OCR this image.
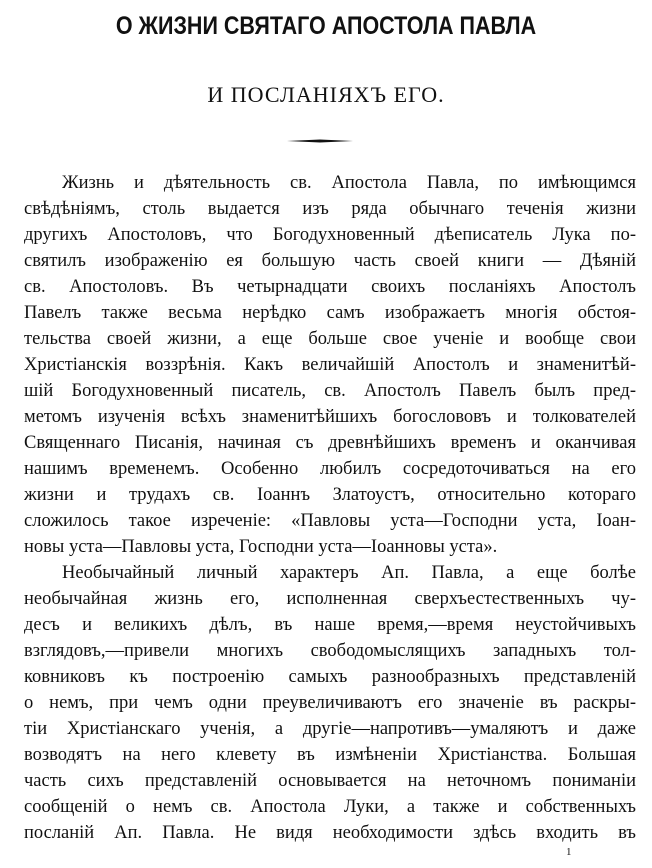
О ЖИЗНИ СВЯТАГО АПОСТОЛА ПАВЛА
И ПОСЛАНІЯХЪ ЕГО.
Жизнь и дѣятельность св. Апостола Павла, по имѣющимся
свѣдѣніямъ, столь выдается изъ ряда обычнаго теченія жизни
другихъ Апостоловъ, что Богодухновенный дѣеписатель Лука по-
святилъ изображенію ея большую часть своей книги — Дѣяній
св. Апостоловъ. Въ четырнадцати своихъ посланіяхъ Апостолъ
Павелъ также весьма нерѣдко самъ изображаетъ многія обстоя-
тельства своей жизни, а еще больше свое ученіе и вообще свои
Христіанскія воззрѣнія. Какъ величайшій Апостолъ и знаменитѣй-
шій Богодухновенный писатель, св. Апостолъ Павелъ былъ пред-
метомъ изученія всѣхъ знаменитѣйшихъ богослововъ и толкователей
Священнаго Писанія, начиная съ древнѣйшихъ временъ и оканчивая
нашимъ временемъ. Особенно любилъ сосредоточиваться на его
жизни и трудахъ св. Іоаннъ Златоустъ, относительно котораго
сложилось такое изреченіе: «Павловы уста—Господни уста, Іоан-
новы уста—Павловы уста, Господни уста—Іоанновы уста».
Необычайный личный характеръ Ап. Павла, а еще болѣе
необычайная жизнь его, исполненная сверхъестественныхъ чу-
десъ и великихъ дѣлъ, въ наше время,—время неустойчивыхъ
взглядовъ,—привели многихъ свободомыслящихъ западныхъ тол-
ковниковъ къ построенію самыхъ разнообразныхъ представленій
о немъ, при чемъ одни преувеличиваютъ его значеніе въ раскры-
тіи Христіанскаго ученія, а другіе—напротивъ—умаляютъ и даже
возводятъ на него клевету въ измѣненіи Христіанства. Большая
часть сихъ представленій основывается на неточномъ пониманіи
сообщеній о немъ св. Апостола Луки, а также и собственныхъ
посланій Ап. Павла. Не видя необходимости здѣсь входить въ
1
